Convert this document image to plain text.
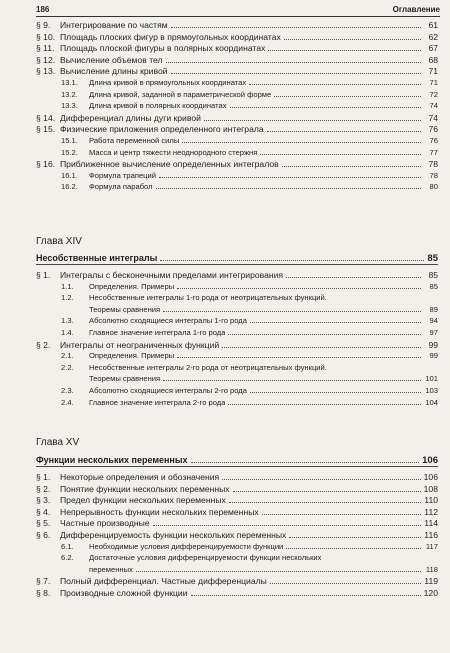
186	Оглавление
§ 9.	Интегрирование по частям	61
§ 10. Площадь плоских фигур в прямоугольных координатах	62
§ 11. Площадь плоской фигуры в полярных координатах	67
§ 12. Вычисление объемов тел	68
§ 13. Вычисление длины кривой	71
13.1.	Длина кривой в прямоугольных координатах	71
13.2.	Длина кривой, заданной в параметрической форме	72
13.3.	Длина кривой в полярных координатах	74
§ 14. Дифференциал длины дуги кривой	74
§ 15. Физические приложения определенного интеграла	76
15.1.	Работа переменной силы	76
15.2.	Масса и центр тяжести неоднородного стержня	77
§ 16. Приближенное вычисление определенных интегралов	78
16.1.	Формула трапеций	78
16.2.	Формула парабол	80
Глава XIV
Несобственные интегралы	85
§ 1.	Интегралы с бесконечными пределами интегрирования	85
1.1.	Определения. Примеры	85
1.2.	Несобственные интегралы 1-го рода от неотрицательных функций.
Теоремы сравнения	89
1.3.	Абсолютно сходящиеся интегралы 1-го рода	94
1.4.	Главное значение интеграла 1-го рода	97
§ 2.	Интегралы от неограниченных функций	99
2.1.	Определения. Примеры	99
2.2.	Несобственные интегралы 2-го рода от неотрицательных функций.
Теоремы сравнения	101
2.3.	Абсолютно сходящиеся интегралы 2-го рода	103
2.4.	Главное значение интеграла 2-го рода	104
Глава XV
Функции нескольких переменных	106
§ 1.	Некоторые определения и обозначения	106
§ 2.	Понятие функции нескольких переменных	108
§ 3.	Предел функции нескольких переменных	110
§ 4.	Непрерывность функции нескольких переменных	112
§ 5.	Частные производные	114
§ 6.	Дифференцируемость функции нескольких переменных	116
6.1.	Необходимые условия дифференцируемости функции	117
6.2.	Достаточные условия дифференцируемости функции нескольких
переменных	118
§ 7.	Полный дифференциал. Частные дифференциалы	119
§ 8.	Производные сложной функции	120
